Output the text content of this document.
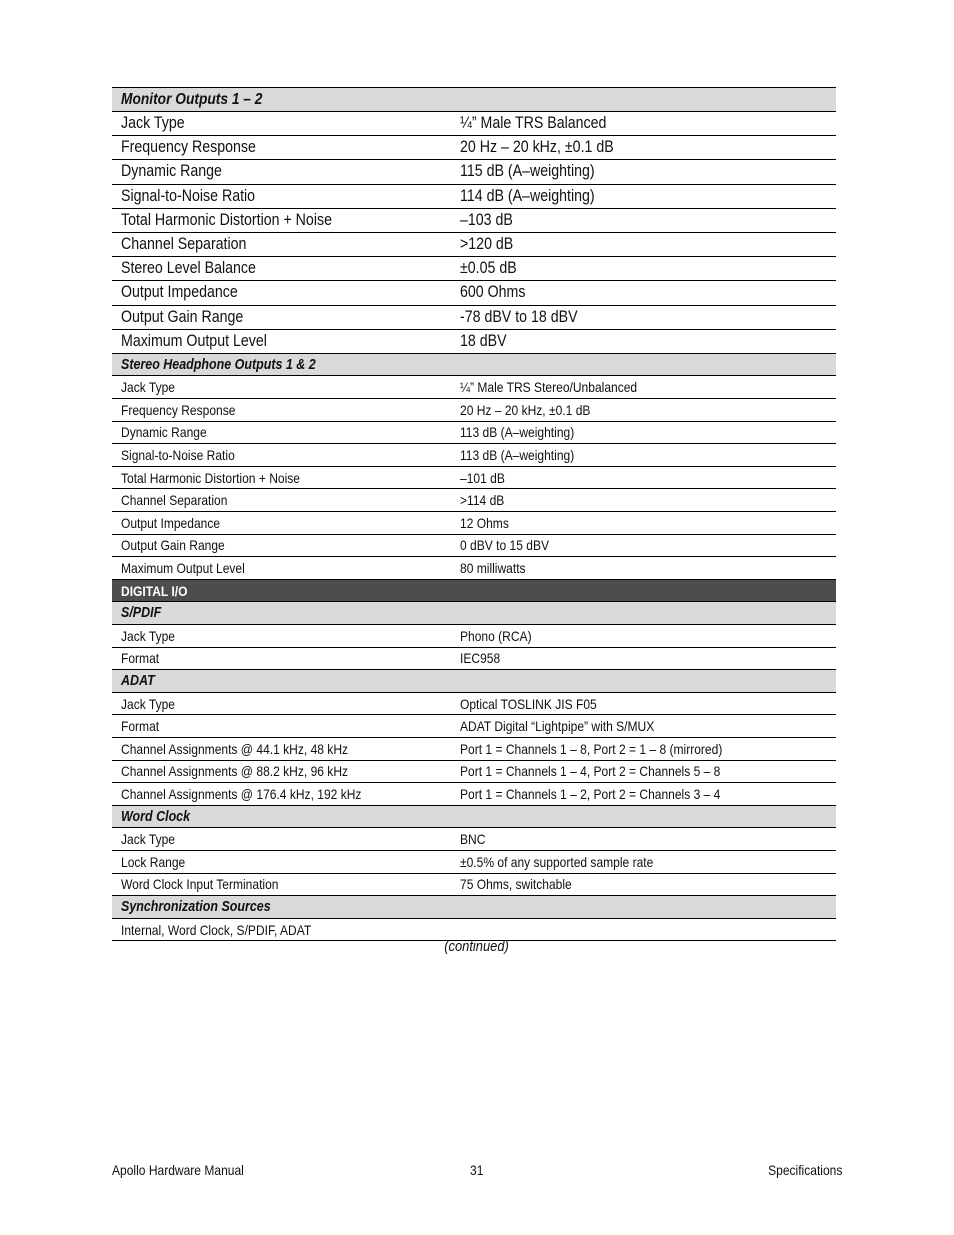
Monitor Outputs 1 – 2
Jack Type	¼” Male TRS Balanced
Frequency Response	20 Hz – 20 kHz, ±0.1 dB
Dynamic Range	115 dB (A–weighting)
Signal-to-Noise Ratio	114 dB (A–weighting)
Total Harmonic Distortion + Noise	–103 dB
Channel Separation	>120 dB
Stereo Level Balance	±0.05 dB
Output Impedance	600 Ohms
Output Gain Range	-78 dBV to 18 dBV
Maximum Output Level	18 dBV
Stereo Headphone Outputs 1 & 2
Jack Type	¼” Male TRS Stereo/Unbalanced
Frequency Response	20 Hz – 20 kHz, ±0.1 dB
Dynamic Range	113 dB (A–weighting)
Signal-to-Noise Ratio	113 dB (A–weighting)
Total Harmonic Distortion + Noise	–101 dB
Channel Separation	>114 dB
Output Impedance	12 Ohms
Output Gain Range	0 dBV to 15 dBV
Maximum Output Level	80 milliwatts
DIGITAL I/O
S/PDIF
Jack Type	Phono (RCA)
Format	IEC958
ADAT
Jack Type	Optical TOSLINK JIS F05
Format	ADAT Digital “Lightpipe” with S/MUX
Channel Assignments @ 44.1 kHz, 48 kHz	Port 1 = Channels 1 – 8, Port 2 = 1 – 8 (mirrored)
Channel Assignments @ 88.2 kHz, 96 kHz	Port 1 = Channels 1 – 4, Port 2 = Channels 5 – 8
Channel Assignments @ 176.4 kHz, 192 kHz	Port 1 = Channels 1 – 2, Port 2 = Channels 3 – 4
Word Clock
Jack Type	BNC
Lock Range	±0.5% of any supported sample rate
Word Clock Input Termination	75 Ohms, switchable
Synchronization Sources
Internal, Word Clock, S/PDIF, ADAT
(continued)
Apollo Hardware Manual	31	Specifications
